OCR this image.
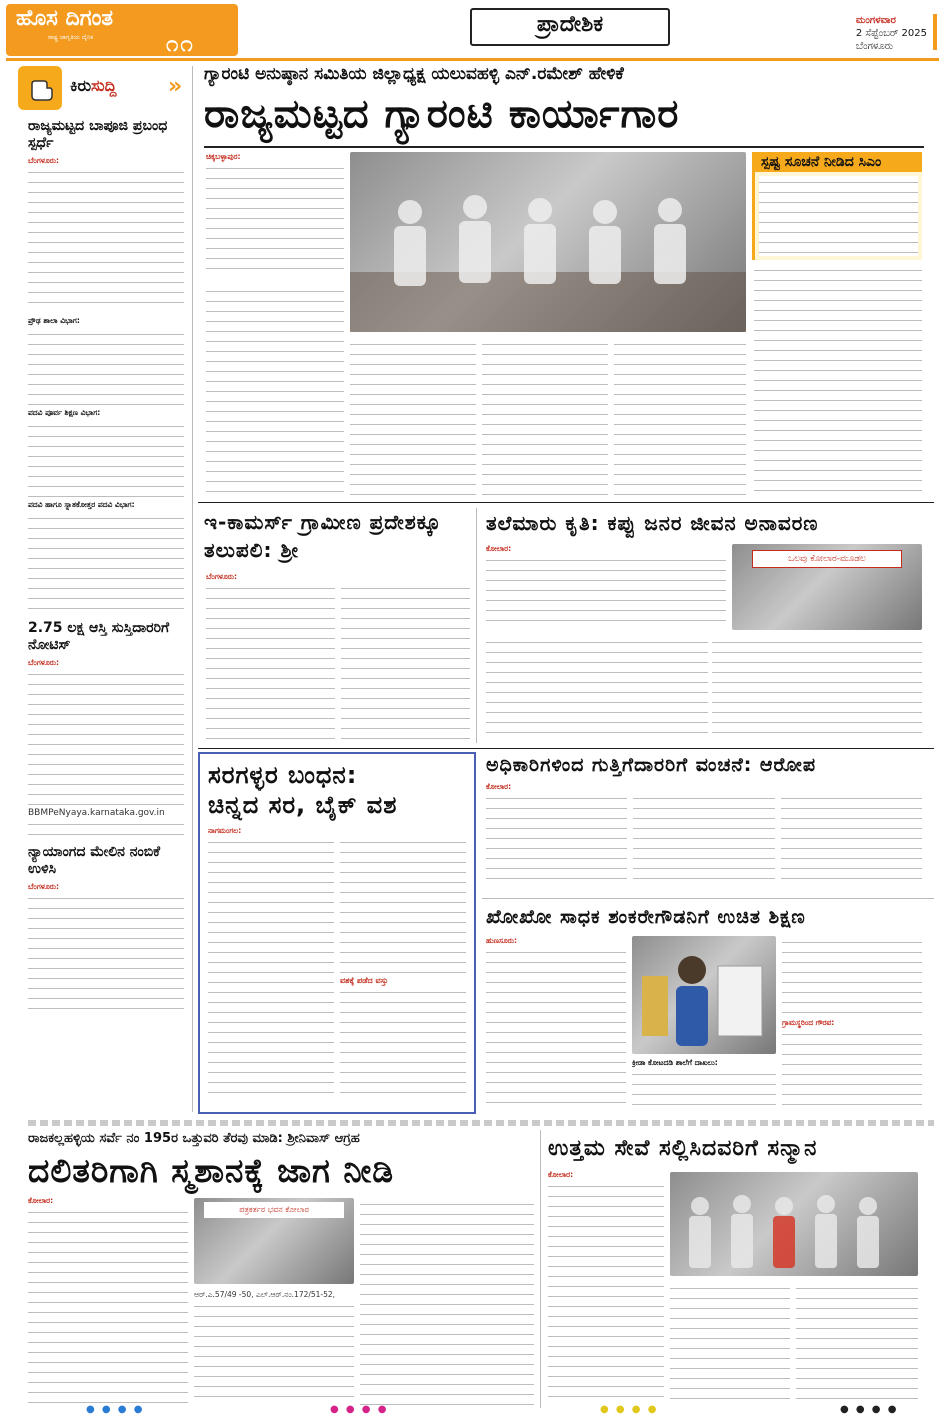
ಹೊಸ ದಿಗಂತ
ರಾಷ್ಟ್ರ ಜಾಗೃತಿಯ ದೈನಿಕ	೧೧
ಪ್ರಾದೇಶಿಕ	ಮಂಗಳವಾರ
2 ಸೆಪ್ಟೆಂಬರ್ 2025
ಬೆಂಗಳೂರು
ಕಿರುಸುದ್ದಿ »
ರಾಜ್ಯಮಟ್ಟದ ಬಾಪೂಜಿ ಪ್ರಬಂಧ ಸ್ಪರ್ಧೆ
ಬೆಂಗಳೂರು:
ಪ್ರೌಢ ಶಾಲಾ ವಿಭಾಗ:
ಪದವಿ ಪೂರ್ವ ಶಿಕ್ಷಣ ವಿಭಾಗ:
ಪದವಿ ಹಾಗೂ ಸ್ನಾತಕೋತ್ತರ ಪದವಿ ವಿಭಾಗ:
2.75 ಲಕ್ಷ ಆಸ್ತಿ ಸುಸ್ತಿದಾರರಿಗೆ ನೋಟಿಸ್
ಬೆಂಗಳೂರು:
BBMPeNyaya.karnataka.gov.in
ನ್ಯಾಯಾಂಗದ ಮೇಲಿನ ನಂಬಿಕೆ ಉಳಿಸಿ
ಬೆಂಗಳೂರು:
ಗ್ಯಾರಂಟಿ ಅನುಷ್ಠಾನ ಸಮಿತಿಯ ಜಿಲ್ಲಾಧ್ಯಕ್ಷ ಯಲುವಹಳ್ಳಿ ಎನ್.ರಮೇಶ್ ಹೇಳಿಕೆ
ರಾಜ್ಯಮಟ್ಟದ ಗ್ಯಾರಂಟಿ ಕಾರ್ಯಾಗಾರ
ಚಿಕ್ಕಬಳ್ಳಾಪುರ:	ಸ್ಪಷ್ಟ ಸೂಚನೆ ನೀಡಿದ ಸಿಎಂ
ಇ-ಕಾಮರ್ಸ್ ಗ್ರಾಮೀಣ ಪ್ರದೇಶಕ್ಕೂ ತಲುಪಲಿ: ಶ್ರೀ
ಬೆಂಗಳೂರು:
ತಲೆಮಾರು ಕೃತಿ: ಕಪ್ಪು ಜನರ ಜೀವನ ಅನಾವರಣ
ಕೋಲಾರ:
ಒಲವು ಕೋಲಾರ-ಮೂಡಲ
ಸರಗಳ್ಳರ ಬಂಧನ:
ಚಿನ್ನದ ಸರ, ಬೈಕ್ ವಶ
ನಾಗಮಂಗಲ:
ವಶಕ್ಕೆ ಪಡೆದ ವಸ್ತು
ಅಧಿಕಾರಿಗಳಿಂದ ಗುತ್ತಿಗೆದಾರರಿಗೆ ವಂಚನೆ: ಆರೋಪ
ಕೋಲಾರ:
ಖೋಖೋ ಸಾಧಕ ಶಂಕರೇಗೌಡನಿಗೆ ಉಚಿತ ಶಿಕ್ಷಣ
ಹುಣಸೂರು:
ಕ್ರೀಡಾ ಕೋಟದಡಿ ಶಾಲೆಗೆ ದಾಖಲು:
ಗ್ರಾಮಸ್ಥರಿಂದ ಗೌರವ:
ರಾಜಕಲ್ಲಹಳ್ಳಿಯ ಸರ್ವೆ ನಂ 195ರ ಒತ್ತುವರಿ ತೆರವು ಮಾಡಿ: ಶ್ರೀನಿವಾಸ್ ಆಗ್ರಹ
ದಲಿತರಿಗಾಗಿ ಸ್ಮಶಾನಕ್ಕೆ ಜಾಗ ನೀಡಿ
ಕೋಲಾರ:
ಪತ್ರಕರ್ತರ ಭವನ ಕೋಲಾರ
ಆರ್.ಎ.57/49 -50, ಎಲ್.ಆರ್.ನಂ.172/51-52,
ಉತ್ತಮ ಸೇವೆ ಸಲ್ಲಿಸಿದವರಿಗೆ ಸನ್ಮಾನ
ಕೋಲಾರ:
● ● ● ●	● ● ● ●	● ● ● ●	● ● ● ●
